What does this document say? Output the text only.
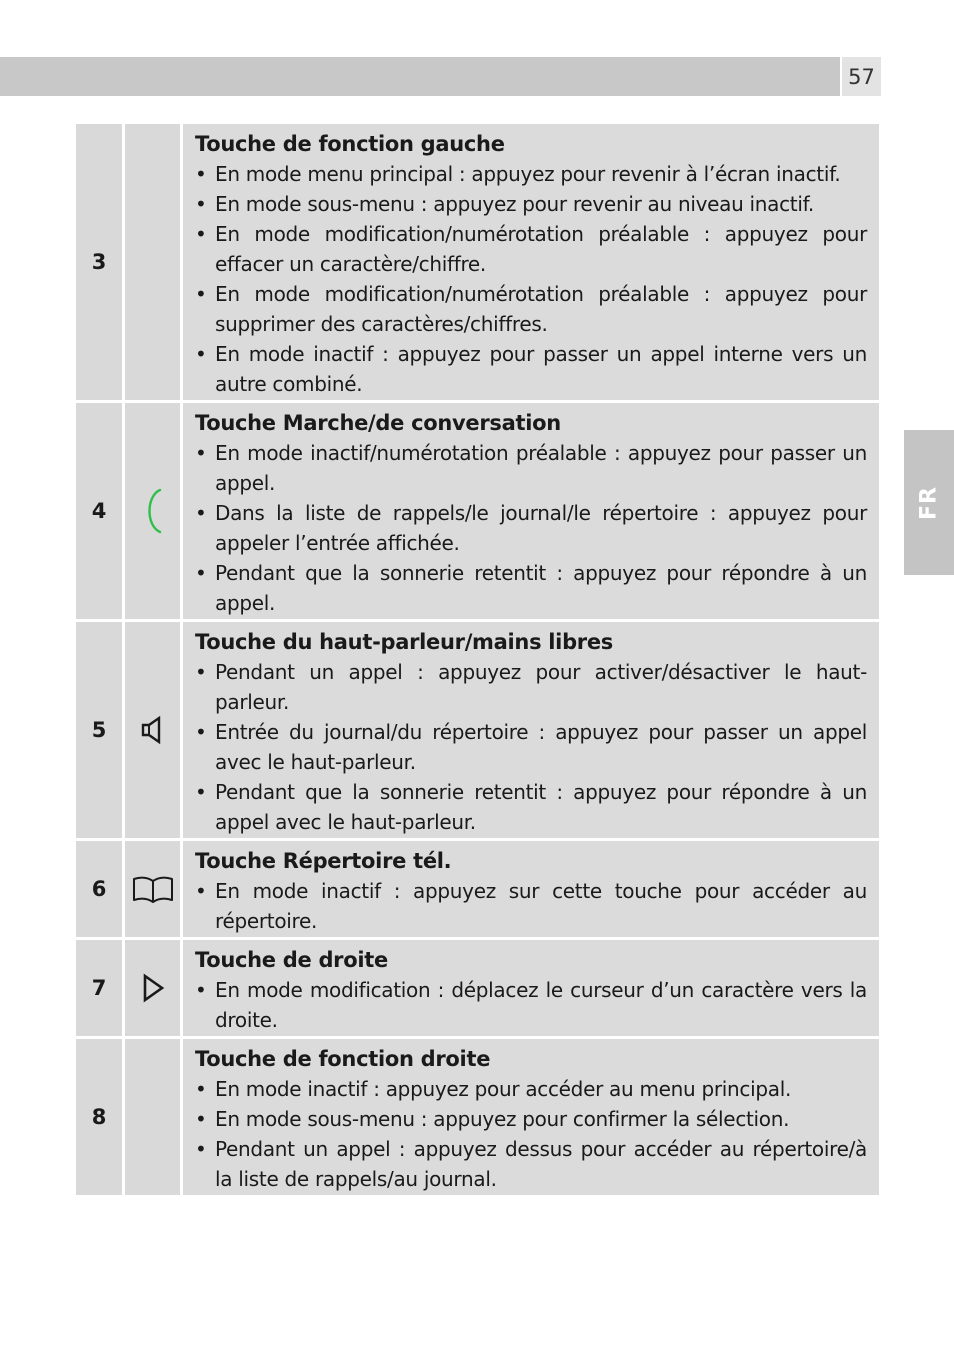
57
FR
3
Touche de fonction gauche
• En mode menu principal : appuyez pour revenir à l’écran inactif.
• En mode sous-menu : appuyez pour revenir au niveau inactif.
• En mode modification/numérotation préalable : appuyez pour effacer un caractère/chiffre.
• En mode modification/numérotation préalable : appuyez pour supprimer des caractères/chiffres.
• En mode inactif : appuyez pour passer un appel interne vers un autre combiné.
4
Touche Marche/de conversation
• En mode inactif/numérotation préalable : appuyez pour passer un appel.
• Dans la liste de rappels/le journal/le répertoire : appuyez pour appeler l’entrée affichée.
• Pendant que la sonnerie retentit : appuyez pour répondre à un appel.
5
Touche du haut-parleur/mains libres
• Pendant un appel : appuyez pour activer/désactiver le haut-parleur.
• Entrée du journal/du répertoire : appuyez pour passer un appel avec le haut-parleur.
• Pendant que la sonnerie retentit : appuyez pour répondre à un appel avec le haut-parleur.
6
Touche Répertoire tél.
• En mode inactif : appuyez sur cette touche pour accéder au répertoire.
7
Touche de droite
• En mode modification : déplacez le curseur d’un caractère vers la droite.
8
Touche de fonction droite
• En mode inactif : appuyez pour accéder au menu principal.
• En mode sous-menu : appuyez pour confirmer la sélection.
• Pendant un appel : appuyez dessus pour accéder au répertoire/à la liste de rappels/au journal.
